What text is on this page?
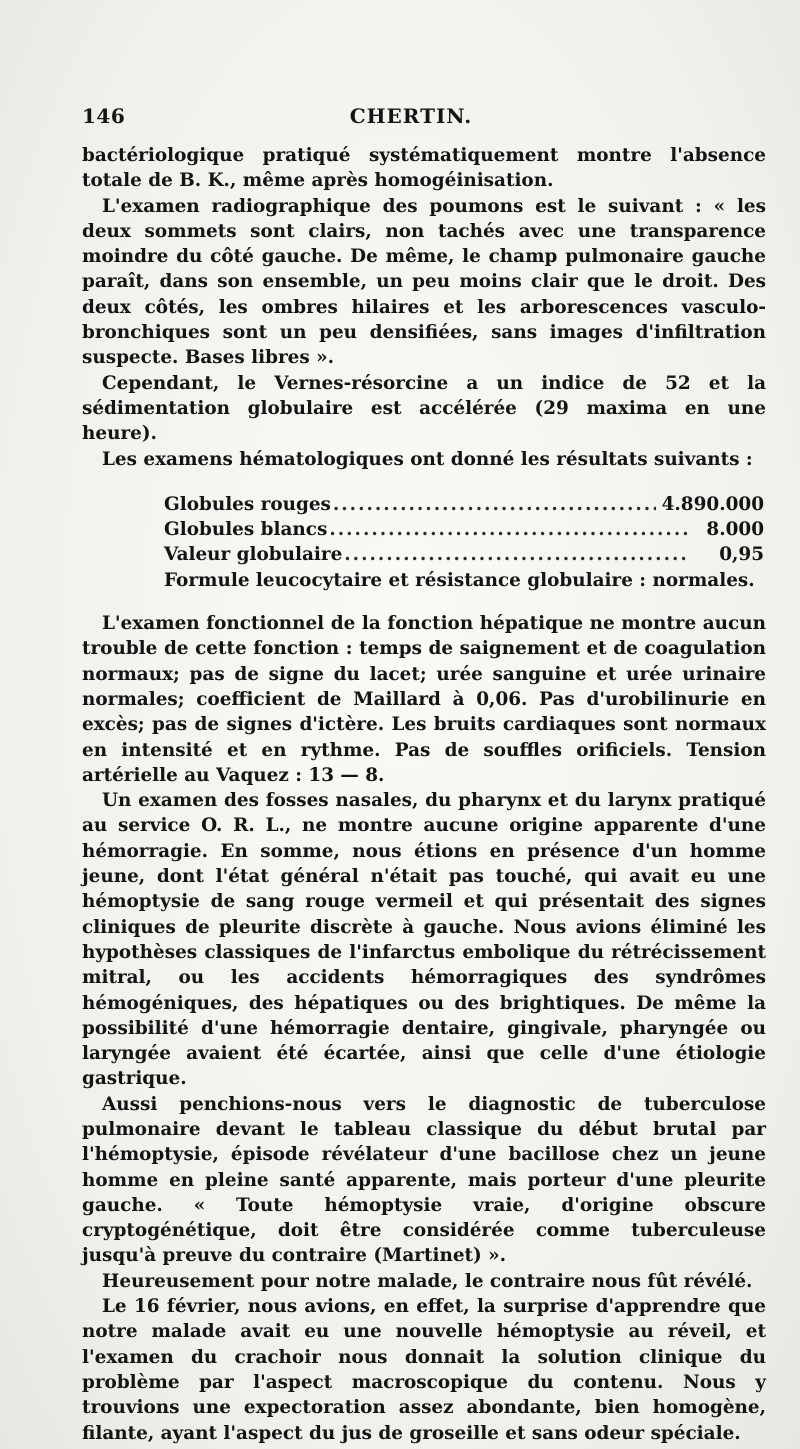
146	CHERTIN.

bactériologique pratiqué systématiquement montre l'absence totale de B. K., même après homogéinisation.

L'examen radiographique des poumons est le suivant : « les deux sommets sont clairs, non tachés avec une transparence moindre du côté gauche. De même, le champ pulmonaire gauche paraît, dans son ensemble, un peu moins clair que le droit. Des deux côtés, les ombres hilaires et les arborescences vasculo-bronchiques sont un peu densifiées, sans images d'infiltration suspecte. Bases libres ».

Cependant, le Vernes-résorcine a un indice de 52 et la sédimentation globulaire est accélérée (29 maxima en une heure).

Les examens hématologiques ont donné les résultats suivants :

Globules rouges .....	4.890.000
Globules blancs .....	8.000
Valeur globulaire .....	0,95
Formule leucocytaire et résistance globulaire : normales.

L'examen fonctionnel de la fonction hépatique ne montre aucun trouble de cette fonction : temps de saignement et de coagulation normaux; pas de signe du lacet; urée sanguine et urée urinaire normales; coefficient de Maillard à 0,06. Pas d'urobilinurie en excès; pas de signes d'ictère. Les bruits cardiaques sont normaux en intensité et en rythme. Pas de souffles orificiels. Tension artérielle au Vaquez : 13 — 8.

Un examen des fosses nasales, du pharynx et du larynx pratiqué au service O. R. L., ne montre aucune origine apparente d'une hémorragie. En somme, nous étions en présence d'un homme jeune, dont l'état général n'était pas touché, qui avait eu une hémoptysie de sang rouge vermeil et qui présentait des signes cliniques de pleurite discrète à gauche. Nous avions éliminé les hypothèses classiques de l'infarctus embolique du rétrécissement mitral, ou les accidents hémorragiques des syndrômes hémogéniques, des hépatiques ou des brightiques. De même la possibilité d'une hémorragie dentaire, gingivale, pharyngée ou laryngée avaient été écartée, ainsi que celle d'une étiologie gastrique.

Aussi penchions-nous vers le diagnostic de tuberculose pulmonaire devant le tableau classique du début brutal par l'hémoptysie, épisode révélateur d'une bacillose chez un jeune homme en pleine santé apparente, mais porteur d'une pleurite gauche. « Toute hémoptysie vraie, d'origine obscure cryptogénétique, doit être considérée comme tuberculeuse jusqu'à preuve du contraire (Martinet) ».

Heureusement pour notre malade, le contraire nous fût révélé.

Le 16 février, nous avions, en effet, la surprise d'apprendre que notre malade avait eu une nouvelle hémoptysie au réveil, et l'examen du crachoir nous donnait la solution clinique du problème par l'aspect macroscopique du contenu. Nous y trouvions une expectoration assez abondante, bien homogène, filante, ayant l'aspect du jus de groseille et sans odeur spéciale.
